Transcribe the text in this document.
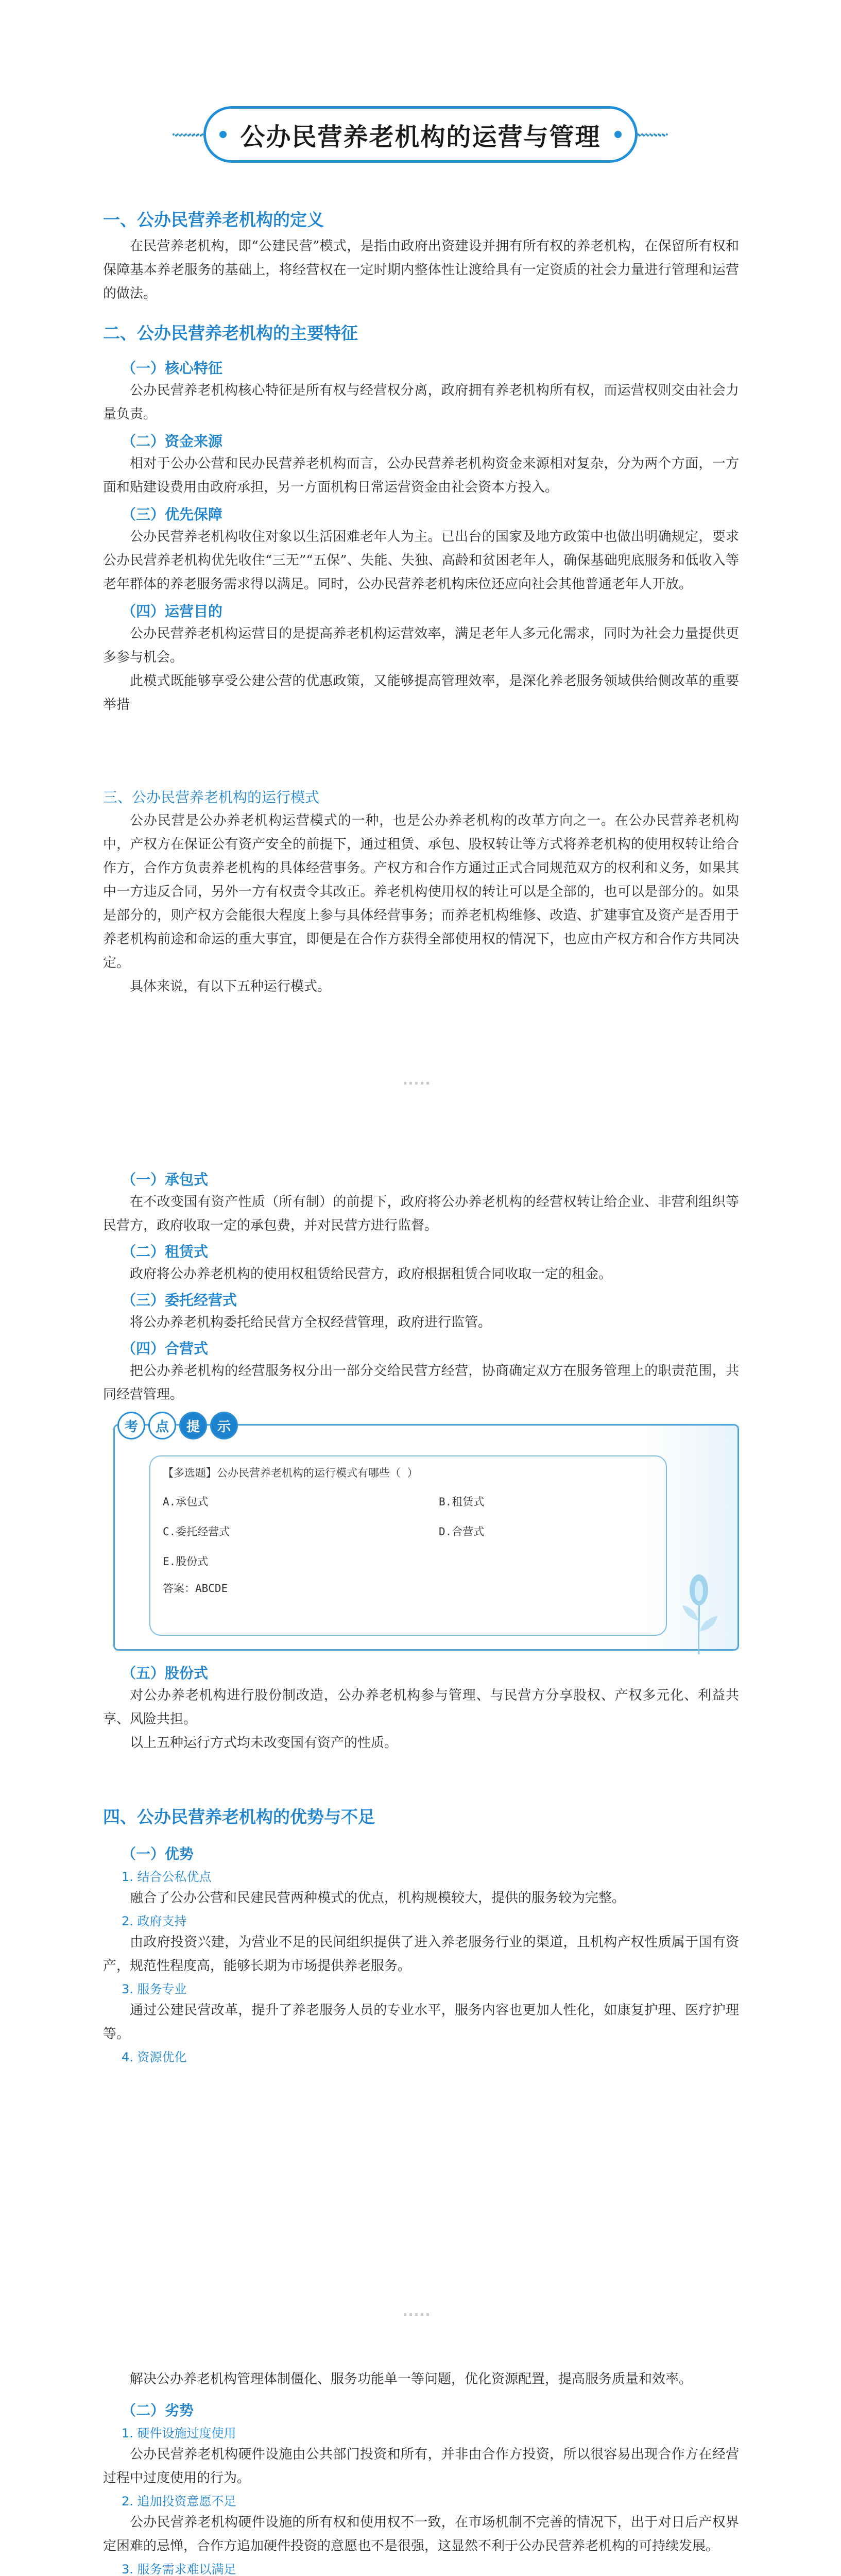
公办民营养老机构的运营与管理

一、公办民营养老机构的定义

在民营养老机构，即“公建民营”模式，是指由政府出资建设并拥有所有权的养老机构，在保留所有权和保障基本养老服务的基础上，将经营权在一定时期内整体性让渡给具有一定资质的社会力量进行管理和运营的做法。

二、公办民营养老机构的主要特征

（一）核心特征

公办民营养老机构核心特征是所有权与经营权分离，政府拥有养老机构所有权，而运营权则交由社会力量负责。

（二）资金来源

相对于公办公营和民办民营养老机构而言，公办民营养老机构资金来源相对复杂，分为两个方面，一方面和贴建设费用由政府承担，另一方面机构日常运营资金由社会资本方投入。

（三）优先保障

公办民营养老机构收住对象以生活困难老年人为主。已出台的国家及地方政策中也做出明确规定，要求公办民营养老机构优先收住“三无”“五保”、失能、失独、高龄和贫困老年人，确保基础兜底服务和低收入等老年群体的养老服务需求得以满足。同时，公办民营养老机构床位还应向社会其他普通老年人开放。

（四）运营目的

公办民营养老机构运营目的是提高养老机构运营效率，满足老年人多元化需求，同时为社会力量提供更多参与机会。

此模式既能够享受公建公营的优惠政策，又能够提高管理效率，是深化养老服务领域供给侧改革的重要举措

三、公办民营养老机构的运行模式

公办民营是公办养老机构运营模式的一种，也是公办养老机构的改革方向之一。在公办民营养老机构中，产权方在保证公有资产安全的前提下，通过租赁、承包、股权转让等方式将养老机构的使用权转让给合作方，合作方负责养老机构的具体经营事务。产权方和合作方通过正式合同规范双方的权利和义务，如果其中一方违反合同，另外一方有权责令其改正。养老机构使用权的转让可以是全部的，也可以是部分的。如果是部分的，则产权方会能很大程度上参与具体经营事务；而养老机构维修、改造、扩建事宜及资产是否用于养老机构前途和命运的重大事宜，即便是在合作方获得全部使用权的情况下，也应由产权方和合作方共同决定。

具体来说，有以下五种运行模式。

（一）承包式

在不改变国有资产性质（所有制）的前提下，政府将公办养老机构的经营权转让给企业、非营利组织等民营方，政府收取一定的承包费，并对民营方进行监督。

（二）租赁式

政府将公办养老机构的使用权租赁给民营方，政府根据租赁合同收取一定的租金。

（三）委托经营式

将公办养老机构委托给民营方全权经营管理，政府进行监管。

（四）合营式

把公办养老机构的经营服务权分出一部分交给民营方经营，协商确定双方在服务管理上的职责范围，共同经营管理。

考	点	提	示
【多选题】公办民营养老机构的运行模式有哪些（ ）
A.承包式	B.租赁式
C.委托经营式	D.合营式
E.股份式
答案：ABCDE

（五）股份式

对公办养老机构进行股份制改造，公办养老机构参与管理、与民营方分享股权、产权多元化、利益共享、风险共担。

以上五种运行方式均未改变国有资产的性质。

四、公办民营养老机构的优势与不足

（一）优势

1. 结合公私优点

融合了公办公营和民建民营两种模式的优点，机构规模较大，提供的服务较为完整。

2. 政府支持

由政府投资兴建，为营业不足的民间组织提供了进入养老服务行业的渠道，且机构产权性质属于国有资产，规范性程度高，能够长期为市场提供养老服务。

3. 服务专业

通过公建民营改革，提升了养老服务人员的专业水平，服务内容也更加人性化，如康复护理、医疗护理等。

4. 资源优化

解决公办养老机构管理体制僵化、服务功能单一等问题，优化资源配置，提高服务质量和效率。

（二）劣势

1. 硬件设施过度使用

公办民营养老机构硬件设施由公共部门投资和所有，并非由合作方投资，所以很容易出现合作方在经营过程中过度使用的行为。

2. 追加投资意愿不足

公办民营养老机构硬件设施的所有权和使用权不一致，在市场机制不完善的情况下，出于对日后产权界定困难的忌惮，合作方追加硬件投资的意愿也不是很强，这显然不利于公办民营养老机构的可持续发展。

3. 服务需求难以满足
